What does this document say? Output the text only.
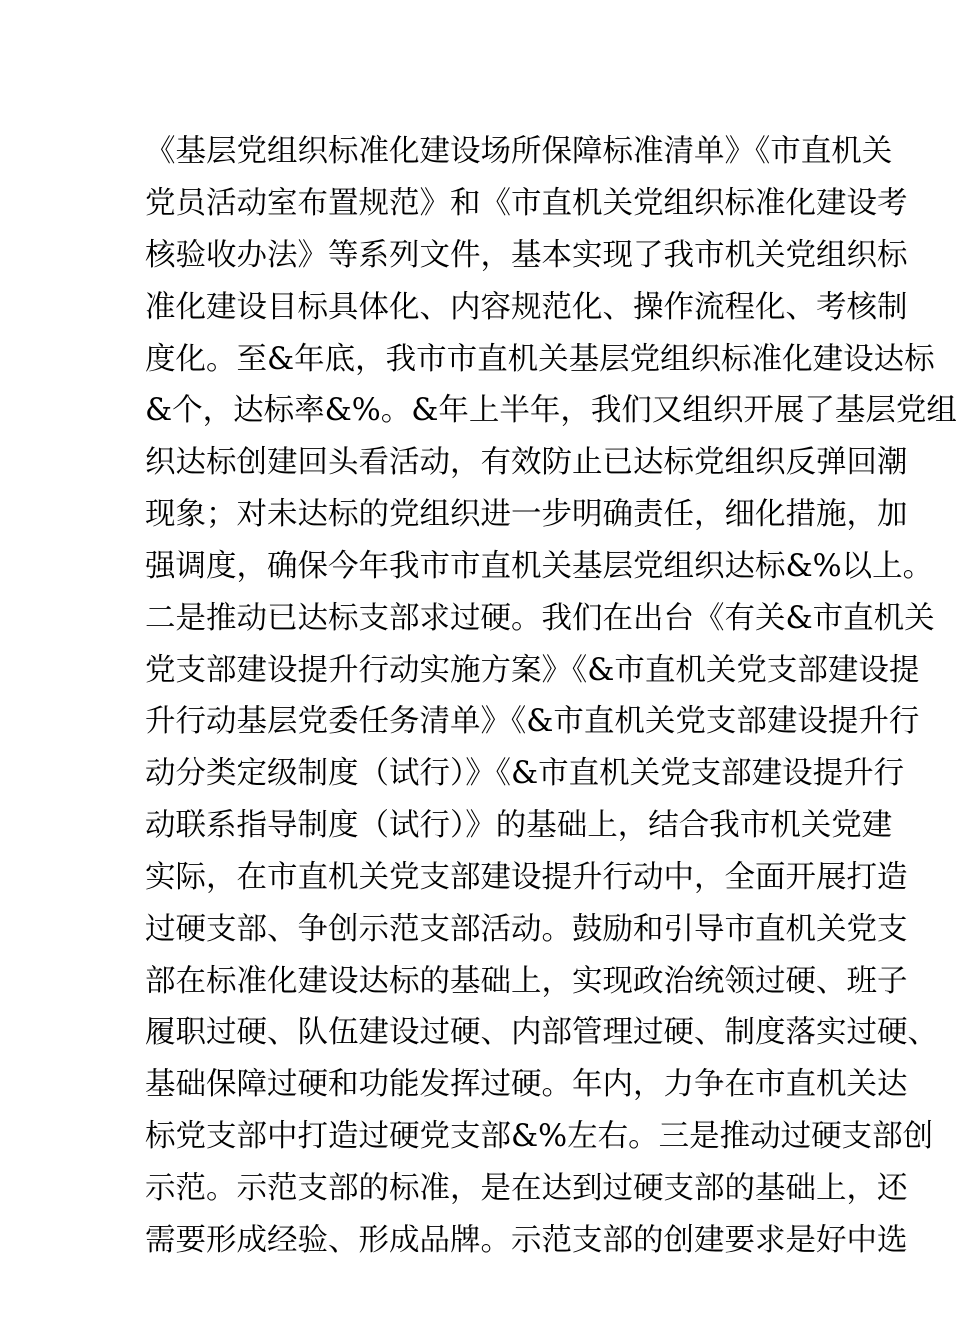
《基层党组织标准化建设场所保障标准清单》《市直机关
党员活动室布置规范》和《市直机关党组织标准化建设考
核验收办法》等系列文件，基本实现了我市机关党组织标
准化建设目标具体化、内容规范化、操作流程化、考核制
度化。至&年底，我市市直机关基层党组织标准化建设达标
&个，达标率&%。&年上半年，我们又组织开展了基层党组
织达标创建回头看活动，有效防止已达标党组织反弹回潮
现象；对未达标的党组织进一步明确责任，细化措施，加
强调度，确保今年我市市直机关基层党组织达标&%以上。
二是推动已达标支部求过硬。我们在出台《有关&市直机关
党支部建设提升行动实施方案》《&市直机关党支部建设提
升行动基层党委任务清单》《&市直机关党支部建设提升行
动分类定级制度（试行）》《&市直机关党支部建设提升行
动联系指导制度（试行）》的基础上，结合我市机关党建
实际，在市直机关党支部建设提升行动中，全面开展打造
过硬支部、争创示范支部活动。鼓励和引导市直机关党支
部在标准化建设达标的基础上，实现政治统领过硬、班子
履职过硬、队伍建设过硬、内部管理过硬、制度落实过硬、
基础保障过硬和功能发挥过硬。年内，力争在市直机关达
标党支部中打造过硬党支部&%左右。三是推动过硬支部创
示范。示范支部的标准，是在达到过硬支部的基础上，还
需要形成经验、形成品牌。示范支部的创建要求是好中选
